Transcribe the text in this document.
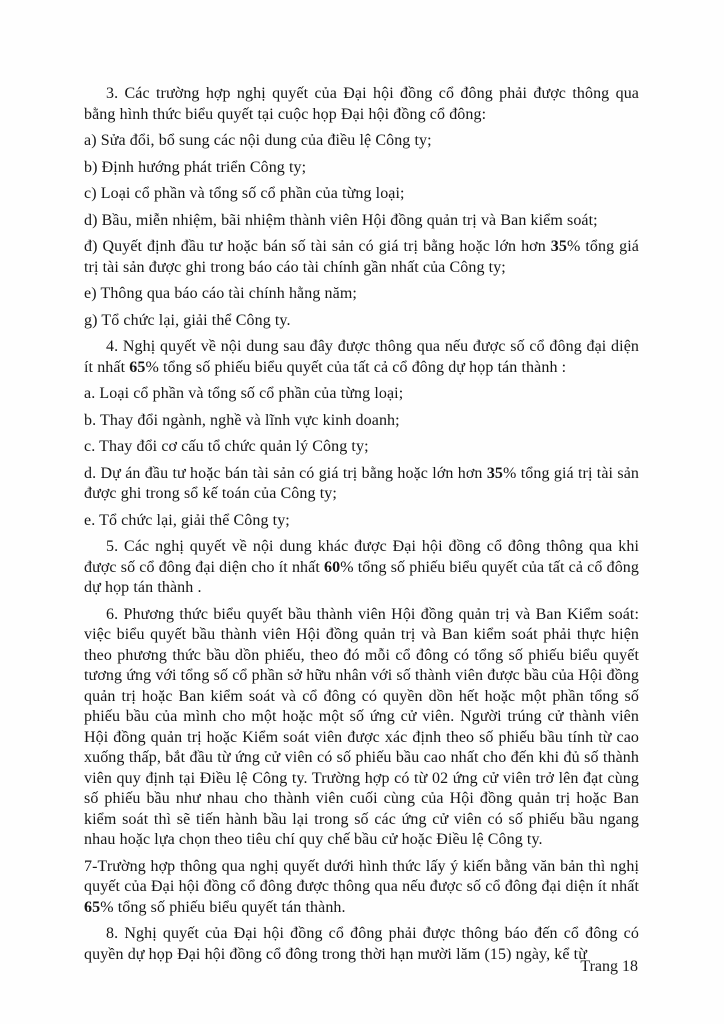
3. Các trường hợp nghị quyết của Đại hội đồng cổ đông phải được thông qua bằng hình thức biểu quyết tại cuộc họp Đại hội đồng cổ đông:

a) Sửa đổi, bổ sung các nội dung của điều lệ Công ty;

b) Định hướng phát triển Công ty;

c) Loại cổ phần và tổng số cổ phần của từng loại;

d) Bầu, miễn nhiệm, bãi nhiệm thành viên Hội đồng quản trị và Ban kiểm soát;

đ) Quyết định đầu tư hoặc bán số tài sản có giá trị bằng hoặc lớn hơn 35% tổng giá trị tài sản được ghi trong báo cáo tài chính gần nhất của Công ty;

e) Thông qua báo cáo tài chính hằng năm;

g) Tổ chức lại, giải thể Công ty.

4. Nghị quyết về nội dung sau đây được thông qua nếu được số cổ đông đại diện ít nhất 65% tổng số phiếu biểu quyết của tất cả cổ đông dự họp tán thành :

a. Loại cổ phần và tổng số cổ phần của từng loại;

b. Thay đổi ngành, nghề và lĩnh vực kinh doanh;

c. Thay đổi cơ cấu tổ chức quản lý Công ty;

d. Dự án đầu tư hoặc bán tài sản có giá trị bằng hoặc lớn hơn 35% tổng giá trị tài sản được ghi trong sổ kế toán của Công ty;

e. Tổ chức lại, giải thể Công ty;

5. Các nghị quyết về nội dung khác được Đại hội đồng cổ đông thông qua khi được số cổ đông đại diện cho ít nhất 60% tổng số phiếu biểu quyết của tất cả cổ đông dự họp tán thành .

6. Phương thức biểu quyết bầu thành viên Hội đồng quản trị và Ban Kiểm soát: việc biểu quyết bầu thành viên Hội đồng quản trị và Ban kiểm soát phải thực hiện theo phương thức bầu dồn phiếu, theo đó mỗi cổ đông có tổng số phiếu biểu quyết tương ứng với tổng số cổ phần sở hữu nhân với số thành viên được bầu của Hội đồng quản trị hoặc Ban kiểm soát và cổ đông có quyền dồn hết hoặc một phần tổng số phiếu bầu của mình cho một hoặc một số ứng cử viên. Người trúng cử thành viên Hội đồng quản trị hoặc Kiểm soát viên được xác định theo số phiếu bầu tính từ cao xuống thấp, bắt đầu từ ứng cử viên có số phiếu bầu cao nhất cho đến khi đủ số thành viên quy định tại Điều lệ Công ty. Trường hợp có từ 02 ứng cử viên trở lên đạt cùng số phiếu bầu như nhau cho thành viên cuối cùng của Hội đồng quản trị hoặc Ban kiểm soát thì sẽ tiến hành bầu lại trong số các ứng cử viên có số phiếu bầu ngang nhau hoặc lựa chọn theo tiêu chí quy chế bầu cử hoặc Điều lệ Công ty.

7-Trường hợp thông qua nghị quyết dưới hình thức lấy ý kiến bằng văn bản thì nghị quyết của Đại hội đồng cổ đông được thông qua nếu được số cổ đông đại diện ít nhất 65% tổng số phiếu biểu quyết tán thành.

8. Nghị quyết của Đại hội đồng cổ đông phải được thông báo đến cổ đông có quyền dự họp Đại hội đồng cổ đông trong thời hạn mười lăm (15) ngày, kể từ

Trang 18
